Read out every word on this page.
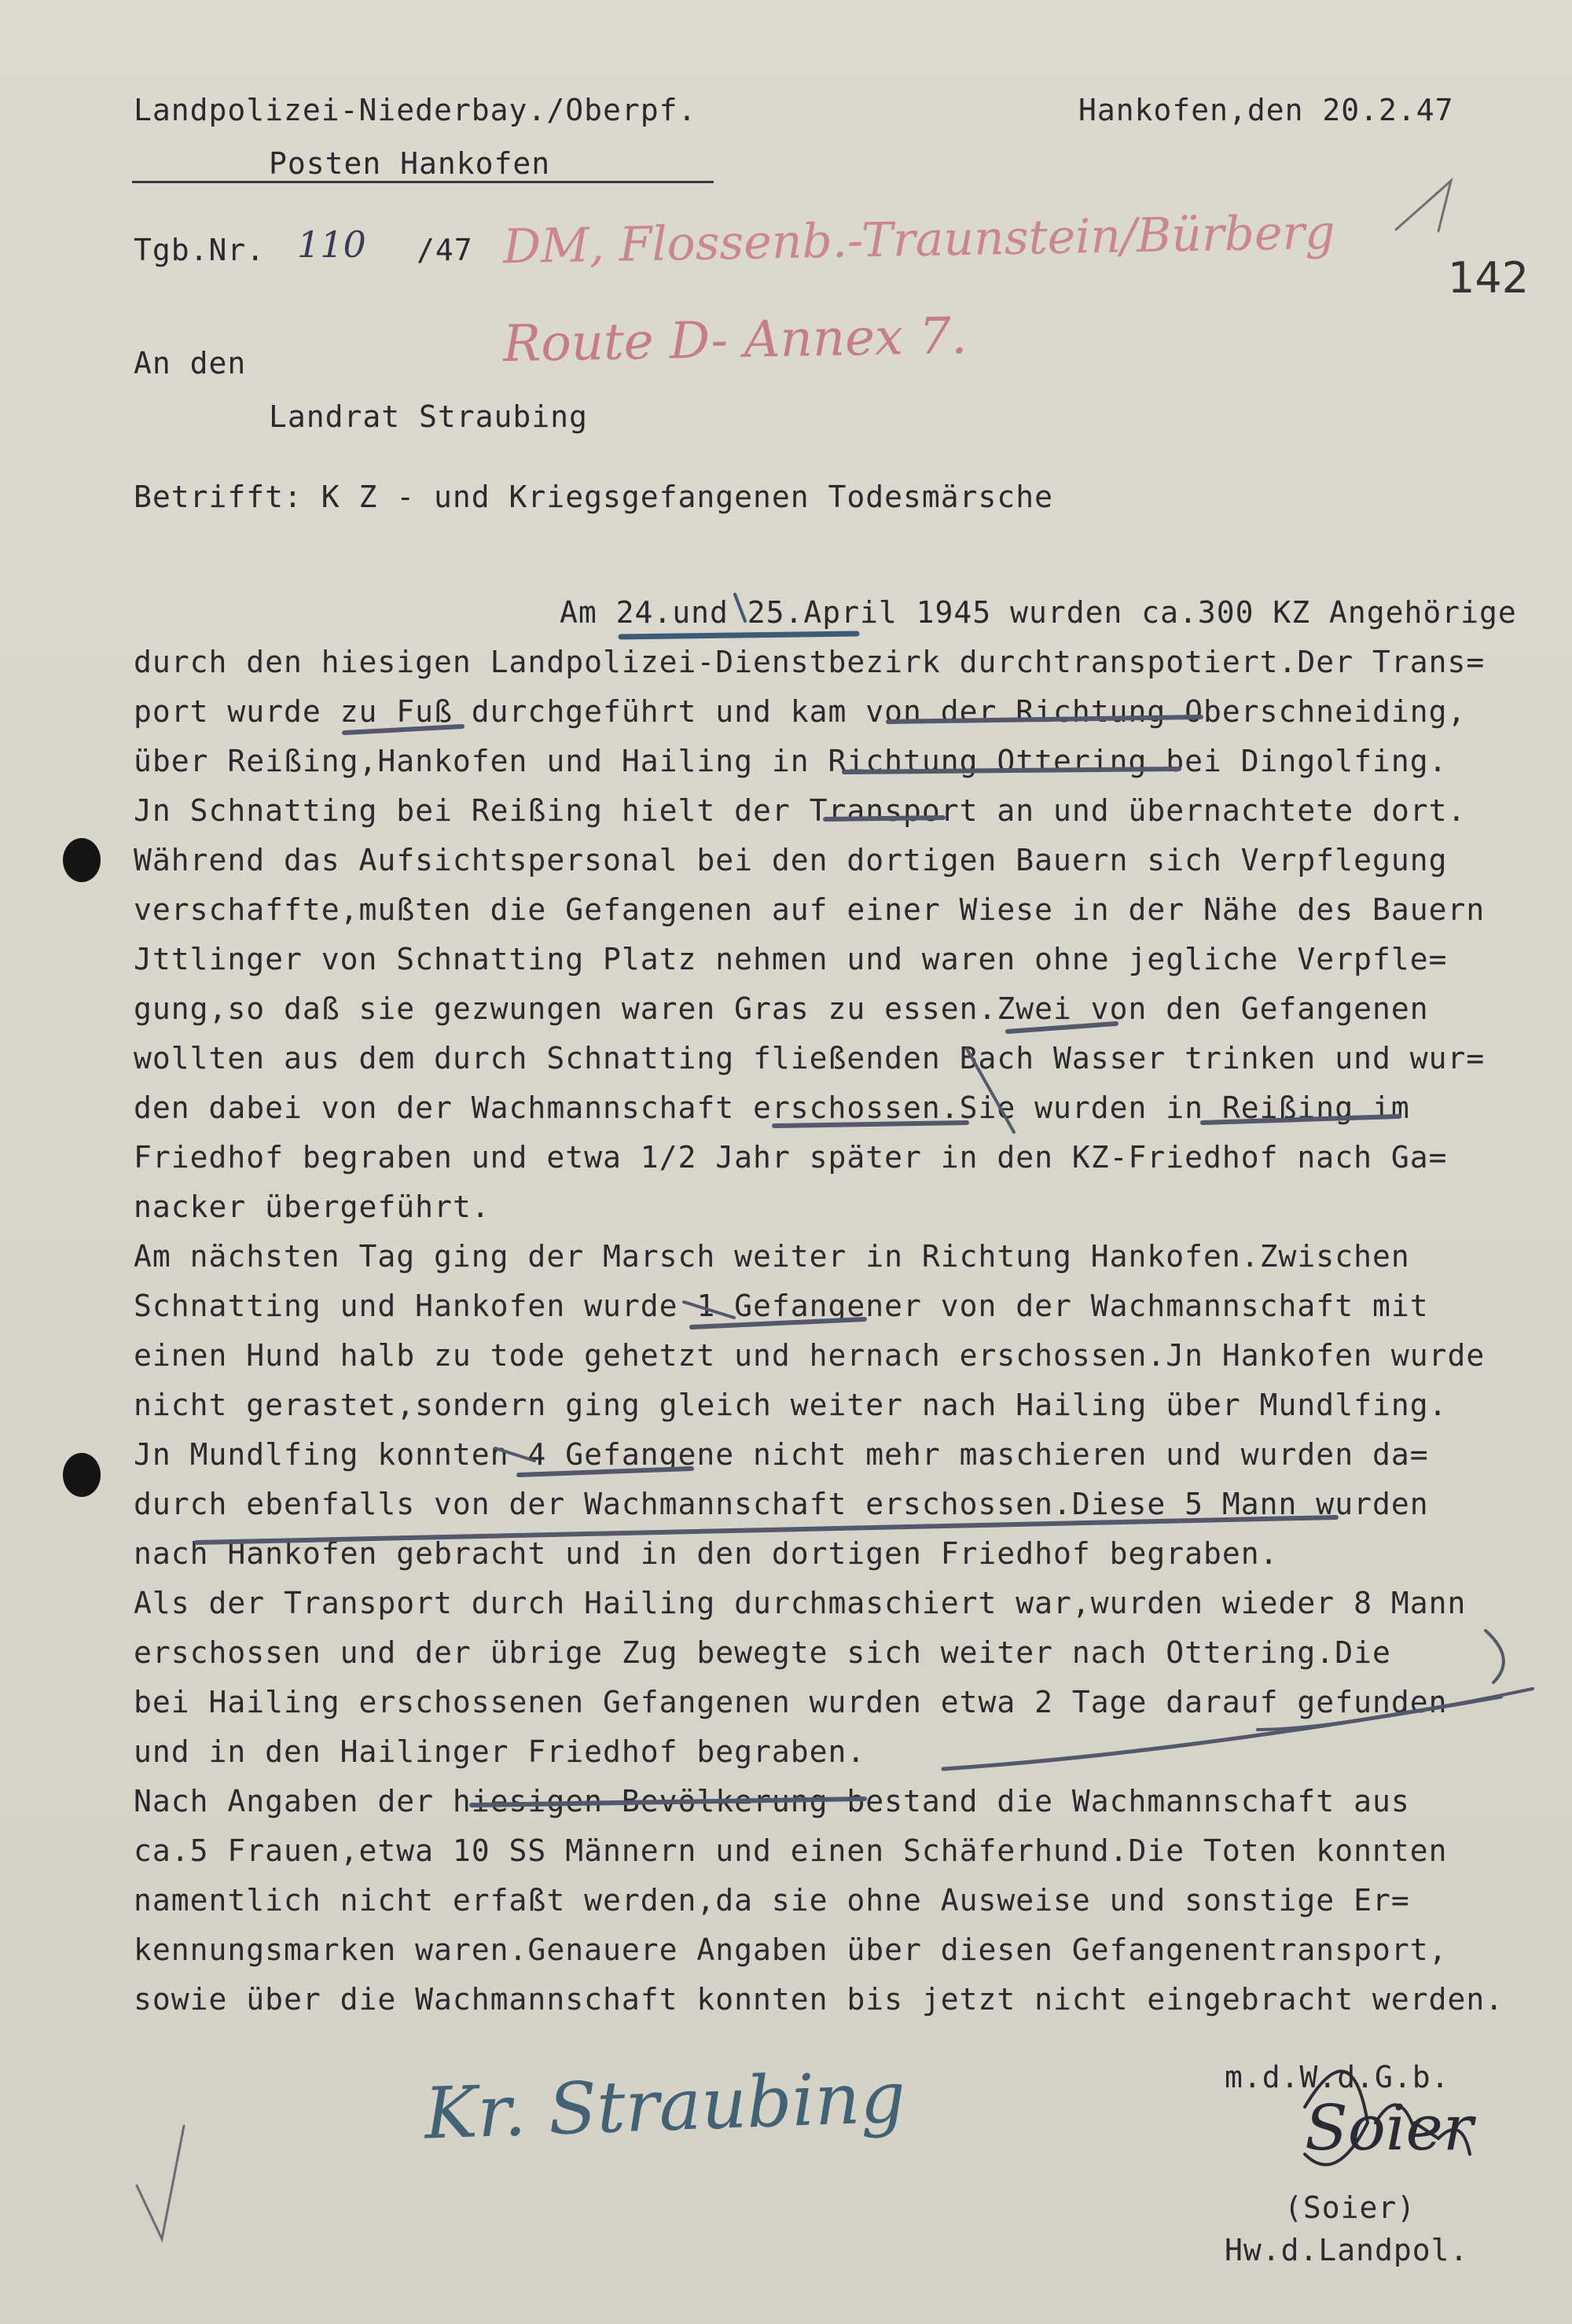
Landpolizei-Niederbay./Oberpf.
Posten Hankofen
Hankofen,den 20.2.47
Tgb.Nr. 110 /47 DM, Flossenb.-Traunstein/Bürberg
Route D- Annex 7.
142
An den
Landrat Straubing
Betrifft: K Z - und Kriegsgefangenen Todesmärsche
Am 24.und 25.April 1945 wurden ca.300 KZ Angehörige
durch den hiesigen Landpolizei-Dienstbezirk durchtranspotiert.Der Trans=
port wurde zu Fuß durchgeführt und kam von der Richtung Oberschneiding,
über Reißing,Hankofen und Hailing in Richtung Ottering bei Dingolfing.
Jn Schnatting bei Reißing hielt der Transport an und übernachtete dort.
Während das Aufsichtspersonal bei den dortigen Bauern sich Verpflegung
verschaffte,mußten die Gefangenen auf einer Wiese in der Nähe des Bauern
Jttlinger von Schnatting Platz nehmen und waren ohne jegliche Verpfle=
gung,so daß sie gezwungen waren Gras zu essen.Zwei von den Gefangenen
wollten aus dem durch Schnatting fließenden Bach Wasser trinken und wur=
den dabei von der Wachmannschaft erschossen.Sie wurden in Reißing im
Friedhof begraben und etwa 1/2 Jahr später in den KZ-Friedhof nach Ga=
nacker übergeführt.
Am nächsten Tag ging der Marsch weiter in Richtung Hankofen.Zwischen
Schnatting und Hankofen wurde 1 Gefangener von der Wachmannschaft mit
einen Hund halb zu tode gehetzt und hernach erschossen.Jn Hankofen wurde
nicht gerastet,sondern ging gleich weiter nach Hailing über Mundlfing.
Jn Mundlfing konnten 4 Gefangene nicht mehr maschieren und wurden da=
durch ebenfalls von der Wachmannschaft erschossen.Diese 5 Mann wurden
nach Hankofen gebracht und in den dortigen Friedhof begraben.
Als der Transport durch Hailing durchmaschiert war,wurden wieder 8 Mann
erschossen und der übrige Zug bewegte sich weiter nach Ottering.Die
bei Hailing erschossenen Gefangenen wurden etwa 2 Tage darauf gefunden
und in den Hailinger Friedhof begraben.
Nach Angaben der hiesigen Bevölkerung bestand die Wachmannschaft aus
ca.5 Frauen,etwa 10 SS Männern und einen Schäferhund.Die Toten konnten
namentlich nicht erfaßt werden,da sie ohne Ausweise und sonstige Er=
kennungsmarken waren.Genauere Angaben über diesen Gefangenentransport,
sowie über die Wachmannschaft konnten bis jetzt nicht eingebracht werden.
Kr. Straubing	m.d.W.d.G.b.
Soier
(Soier)
Hw.d.Landpol.
